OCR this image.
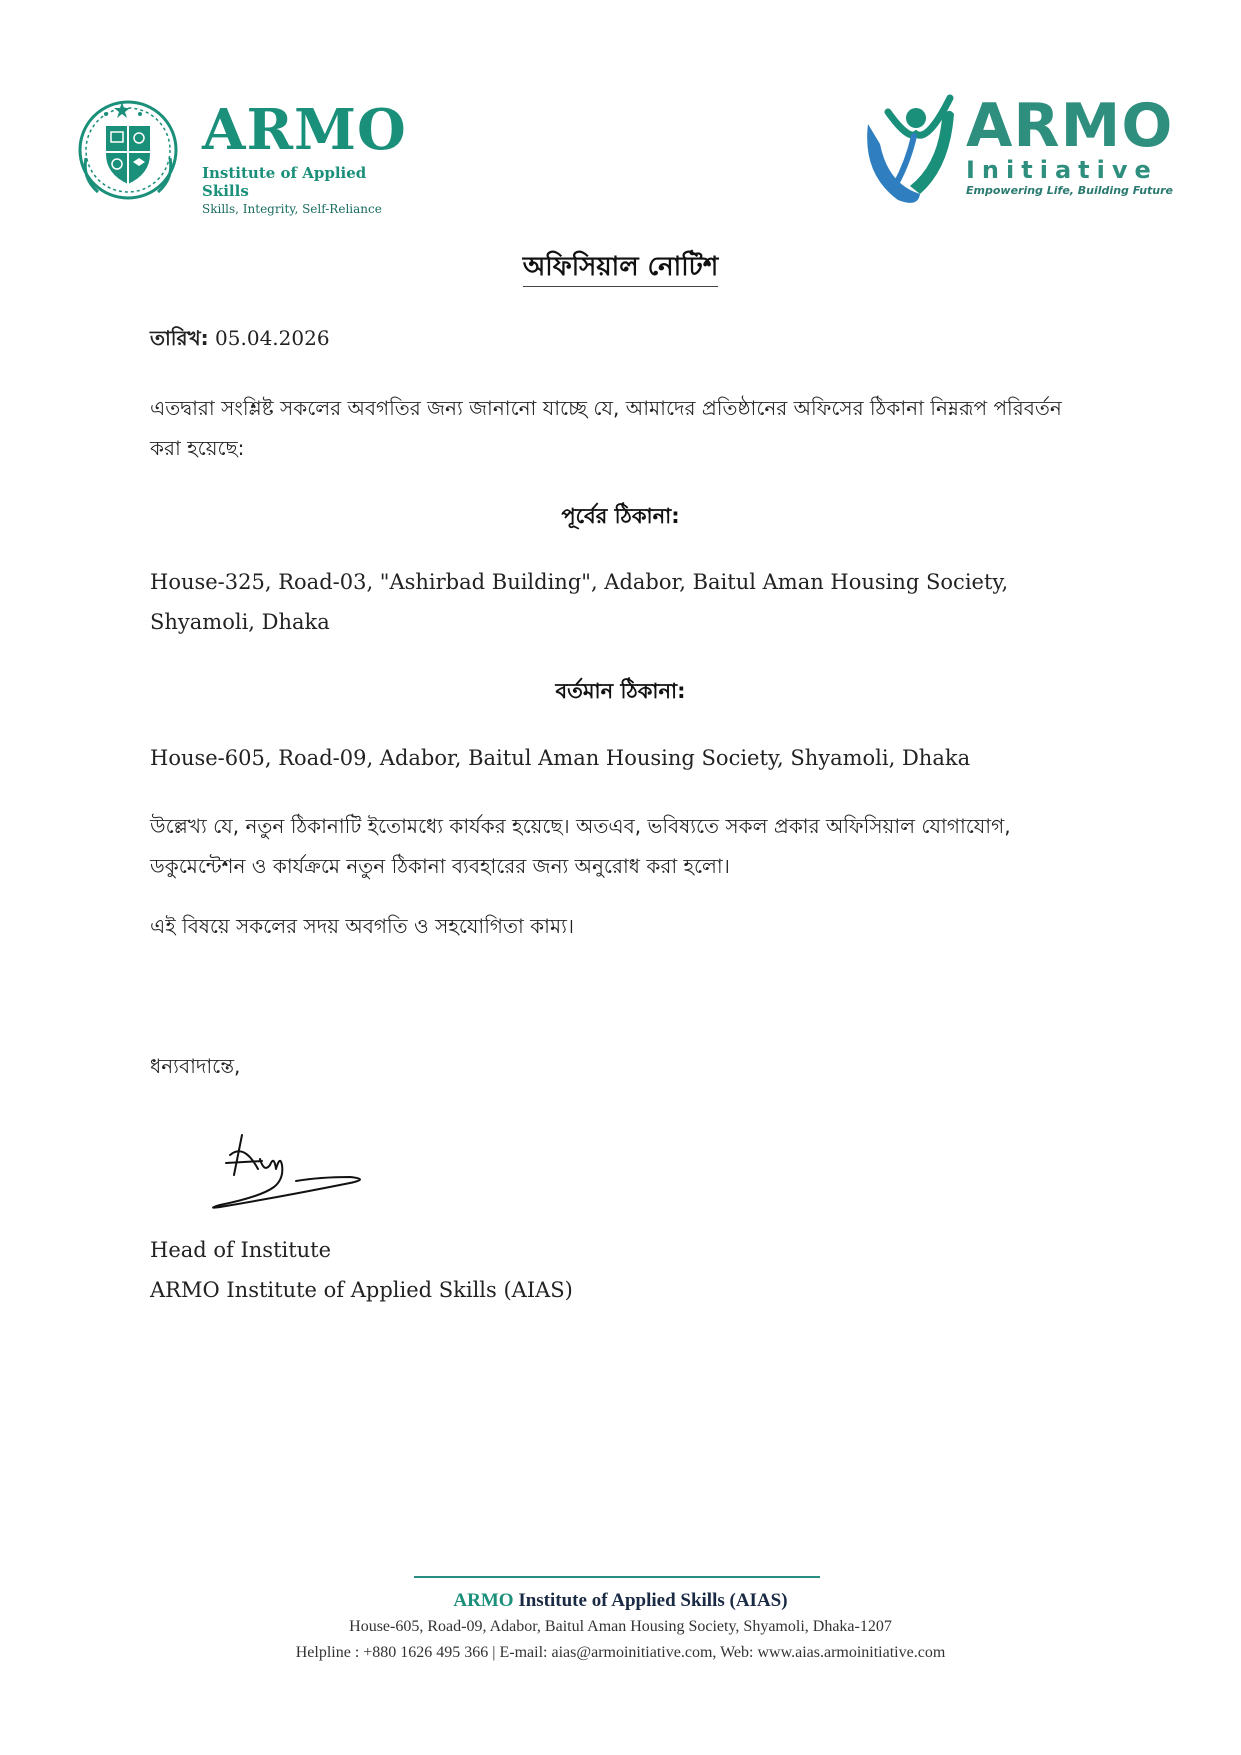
ARMO
Institute of Applied Skills
Skills, Integrity, Self-Reliance
ARMO
Initiative
Empowering Life, Building Future
অফিসিয়াল নোটিশ
তারিখ: 05.04.2026
এতদ্বারা সংশ্লিষ্ট সকলের অবগতির জন্য জানানো যাচ্ছে যে, আমাদের প্রতিষ্ঠানের অফিসের ঠিকানা নিম্নরূপ পরিবর্তন করা হয়েছে:
পূর্বের ঠিকানা:
House-325, Road-03, "Ashirbad Building", Adabor, Baitul Aman Housing Society, Shyamoli, Dhaka
বর্তমান ঠিকানা:
House-605, Road-09, Adabor, Baitul Aman Housing Society, Shyamoli, Dhaka
উল্লেখ্য যে, নতুন ঠিকানাটি ইতোমধ্যে কার্যকর হয়েছে। অতএব, ভবিষ্যতে সকল প্রকার অফিসিয়াল যোগাযোগ, ডকুমেন্টেশন ও কার্যক্রমে নতুন ঠিকানা ব্যবহারের জন্য অনুরোধ করা হলো।
এই বিষয়ে সকলের সদয় অবগতি ও সহযোগিতা কাম্য।
ধন্যবাদান্তে,
Head of Institute
ARMO Institute of Applied Skills (AIAS)
ARMO Institute of Applied Skills (AIAS)
House-605, Road-09, Adabor, Baitul Aman Housing Society, Shyamoli, Dhaka-1207
Helpline : +880 1626 495 366 | E-mail: aias@armoinitiative.com, Web: www.aias.armoinitiative.com
